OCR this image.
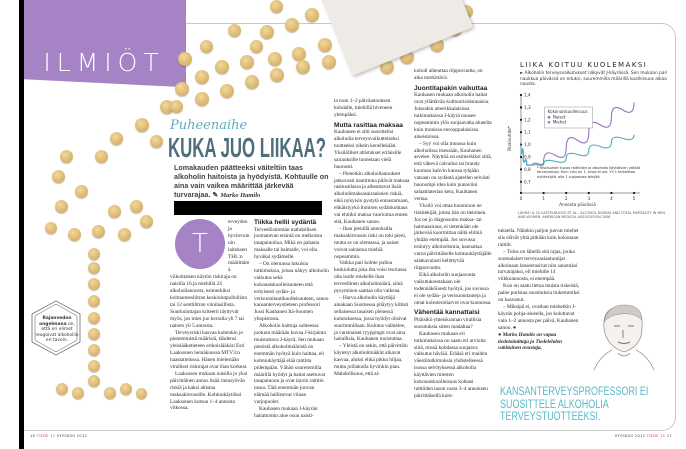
ILMIÖT
Rajanvedon ongelmana on, että eri elimet reagoivat alkoholiin eri tavoin.
Puheenaihe
KUKA JUO LIIKAA?
Lomakauden päätteeksi väiteltiin taas alkoholin haitoista ja hyödyistä. Kohtuulle on aina vain vaikea määrittää järkevää turvarajaa. ✎ Marko Hamilo
T

erveyden ja hyvinvoinnin laitoksen THL:n määrittämä viikoittaisen käytön riskiraja on naisilla 16 ja miehillä 24 alkoholiannosta, esimerkiksi kolmannesliitran keskiolutpullollista tai 12 senttilitran viinilasillista. Suurkuluttajan kriteerit täyttyvät myös, jos mies juo kerralla yli 7 tai nainen yli 5 annosta.

Terveysriski kasvaa kuitenkin jo pienemmistä määristä, tähdensi yleislääketieteen erikoislääkäri Esti Laaksonen heinäkuussa MTV3:n haastattelussa. Hänen mielestään viralliset riskirajat ovat liian korkeat.

Laaksosen mukaan naisilla jo yksi päivittäinen annos lisää rintasyövän riskiä ja kaksi altistaa maksakirroosille. Kohtuukäytöksi Laaksonen kutsuu 1–4 annosta viikossa.

Tiikka hellii sydäntä

Terveellisimmän mahdollisen juomatavan etsintä on melkoista tasapainoilua. Mikä on pahasta maksalle tai haimalle, voi olla hyväksi sydämelle.

– On olemassa lukuisia tutkimuksia, joissa näkyy alkoholin vaikutus sekä kokonaiskuolleisuuteen että erityisesti sydän- ja verisuonitautikuolleisuuteen, sanoo kansanterveystieteen professori Jussi Kauhanen Itä-Suomen yliopistosta.

Alkoholin haittoja suhteessa juotuun määrään kuvaa J-kirjainta muistuttava J-käyrä. Sen mukaan pienistä alkoholimääristä on enemmän hyötyä kuin haittaa, eli kohtuukäyttäjä elää raittiita pidempään. Vähän suuremmilla määrillä hyödyt ja haitat asettuvat tasapainoon ja ovat täysin raittiin tasoa. Tätä enemmän juovan elämää hallitsevat viinan varjopuolet.

Kauhasen mukaan J-käyrän haitattomin alue osuu naisil-

la noin 1–2 päiväannoksen kohdalle, miehillä hiveneen ylempäksi.

Mutta rasittaa maksaa

Kauhanen ei silti suosittelisi alkoholia terveysvaikutteiseksi tuotteeksi oikein kenellekään. Yksilölliset altistukset erilaisille sairauksille tunnetaan vielä huonosti.

– Pienetkin alkoholiannokset jatkuvasti nautittuna pitävät maksaa rasitustilassa ja aiheuttavat lisää alkoholimaksasairauksien riskiä, eikä nykyisin pystytä ennustamaan, ehkäistyykö ihmisen sydänkohtaus vai ehtiikö maksa vaurioitua ennen sitä, Kauhanen sanoo.

– Ihan pienillä annoksilla maksakirroosin riski on toki pieni, mutta se on olemassa, ja naiset voivat sairastua miehiä nopeammin.

Vaikka pari kolme pulloa keskiolutta joka ilta voisi teoriassa olla isolle miehelle ihan terveellinen alkoholimäärä, siinä pysyminen saattaa olla vaikeaa.

– Harva alkoholin käyttäjä ainakaan Suomessa pitäytyy kiltisti sellaisessa tasaisen pienessä kulutuksessa, jossa hyödyt olisivat suurimmillaan. Kulutus vaihtelee, ja varsinaiset ryyppingit ovat aina haitallisia, Kauhanen muistuttaa.

– Yleistä on sekin, että päivittäin käytetyt alkoholimäärät alkavat kasvaa, aluksi ehkä pikku hiljaa, mutta joillakulla hyvinkin pian. Mahdollisuus, että al-

koholi aiheuttaa riippuvuutta, on aika merkittävä.

Juontitapakin vaikuttaa

Kauhasen mukaan alkoholin haitat ovat yllättävän kulttuurisidonnaisia. Joissakin amerikkalaisissa tutkimuksissa J-käyrä nousee nopeammin ylös suojaavalta alueelta kuin monissa eurooppalaisissa aineistoissa.

– Syy voi olla muussa kuin alkoholissa itsessään, Kauhanen arvelee. Näyttöä on esimerkiksi siitä, että väkevä calvados tai brandy kuuman kahvin kanssa tyhjään vatsaan on sydäntä ajatellen selvästi huonompi idea kuin punaviini salaattiaterian kera, Kauhanen vertaa.

Yksilö voi ottaa huomioon ne riskitekijät, joista hän on tietoinen. Jos on jo diagnosoitu maksa- tai haimasairaus, ei tietenkään ole järkevää kuormittaa näitä elimiä yhtään enempää. Jos suvussa esiintyy alkoholismia, kannattaa varoa päivittäiselle kohtuukäyttäjälle salakavalasti kehittyvää riippuvuutta.

Eikä alkoholin suojaavasta vaikutuksestakaan ole todennäköisesti hyötyä, jos suvussa ei ole sydän- ja verisuonitauteja ja omat kolesteroliarvot ovat kunnossa.

Vähentää kannattaisi

Pitäisikö yhteiskunnan virallisia suosituksia sitten madaltaa?

Kauhasen mukaan eri tutkimuksissa on saatu eri arvioita siitä, missä kohdassa suojaava vaikutus häviää. Erääsä eri maiden väestötutkimuksia yhdistelleessä isossa selvityksessä alkoholia käyttävien miesten kokonaiskuolleisuus kohtasi raittiiden tason vasta 3–4 annoksen päivittäisellä kulu-

tuksella. Näinkin paljon juovat miehet siis elävät yhtä pitkään kuin kokonaan raittiit.

– Tulos on lähellä sitä rajaa, jonka suomalaiset terveysasiantuntijat aikoinaan lanseerasivat niin sanotuksi turvarajaksi, eli miehille 14 viikkoannosta, ei enempää.

Kun on saatu tietoa muista riskeistä, paine puristaa suosituksia tiukemmiksi on kasvanut.

– Miksipä ei, ovathan miehetkin J-käyrän pohja-alueella, jos kuluttavat vain 1–2 annosta per päivä, Kauhanen sanoo. ●

● Marko Hamilo on vapaa tiedetoimittaja ja Tiedelehden vakituinen avustaja.

KANSANTERVEYSPROFESSORI EI SUOSITTELE ALKOHOLIA TERVEYSTUOTTEEKSI.
LIIKA KOITUU KUOLEMAKSI
► Alkoholin terveysvaikutukset näkyvät J-käyrässä. Sen mukaan pari naukkua päivässä on eduksi, suuremmilla määrillä kuolleisuus alkaa nousta.
0,7
0,8
0,9
1,0
1,1
1,2
1,3
1,4
0	1	2	3	4	5
Annosta päivässä
Riskisuhde*
Kokonaiskuolleisuus
Naiset
Miehet
* Riskisuhde kuvaa raittiiden ja alkoholia käyttävien välistä terveyseroja. Kuin luku on 1, eroja ei ole. Yli 1 tarkoittaa riskitekijää, alle 1 suojaavaa tekijää.
LÄHDE: A. DI CASTELNUOVO ET AL.: ALCOHOL DOSING AND TOTAL MORTALITY IN MEN AND WOMEN. AMERICAN MEDICAL ASSOCIATION 2006
16 TIEDE 11 SYYSKUU 2012	SYYSKUU 2012 TIEDE 11 17
